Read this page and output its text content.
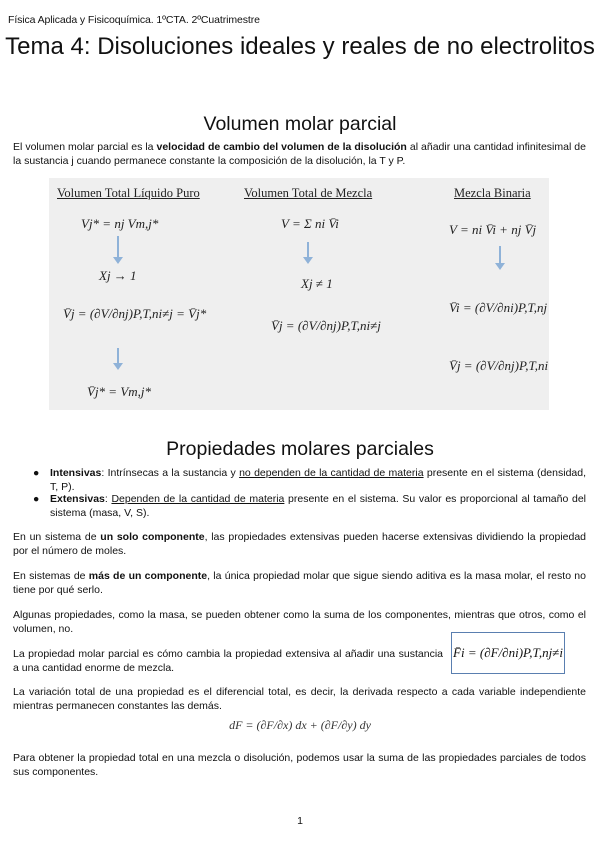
Física Aplicada y Fisicoquímica. 1ºCTA. 2ºCuatrimestre
Tema 4: Disoluciones ideales y reales de no electrolitos
Volumen molar parcial

El volumen molar parcial es la velocidad de cambio del volumen de la disolución al añadir una cantidad infinitesimal de la sustancia j cuando permanece constante la composición de la disolución, la T y P.

Volumen Total Líquido Puro	Volumen Total de Mezcla	Mezcla Binaria
Vj* = nj Vm,j*
Xj → 1
V̄j = (∂V/∂nj)P,T,ni≠j = V̄j*
V̄j* = Vm,j*
V = Σ ni V̄i
Xj ≠ 1
V̄j = (∂V/∂nj)P,T,ni≠j
V = ni V̄i + nj V̄j
V̄i = (∂V/∂ni)P,T,nj
V̄j = (∂V/∂nj)P,T,ni
Propiedades molares parciales
● Intensivas: Intrínsecas a la sustancia y no dependen de la cantidad de materia presente en el sistema (densidad, T, P).
● Extensivas: Dependen de la cantidad de materia presente en el sistema. Su valor es proporcional al tamaño del sistema (masa, V, S).

En un sistema de un solo componente, las propiedades extensivas pueden hacerse extensivas dividiendo la propiedad por el número de moles.

En sistemas de más de un componente, la única propiedad molar que sigue siendo aditiva es la masa molar, el resto no tiene por qué serlo.

Algunas propiedades, como la masa, se pueden obtener como la suma de los componentes, mientras que otros, como el volumen, no.

La propiedad molar parcial es cómo cambia la propiedad extensiva al añadir una sustancia a una cantidad enorme de mezcla.

F̄i = (∂F/∂ni)P,T,nj≠i

La variación total de una propiedad es el diferencial total, es decir, la derivada respecto a cada variable independiente mientras permanecen constantes las demás.

dF = (∂F/∂x) dx + (∂F/∂y) dy

Para obtener la propiedad total en una mezcla o disolución, podemos usar la suma de las propiedades parciales de todos sus componentes.

1
